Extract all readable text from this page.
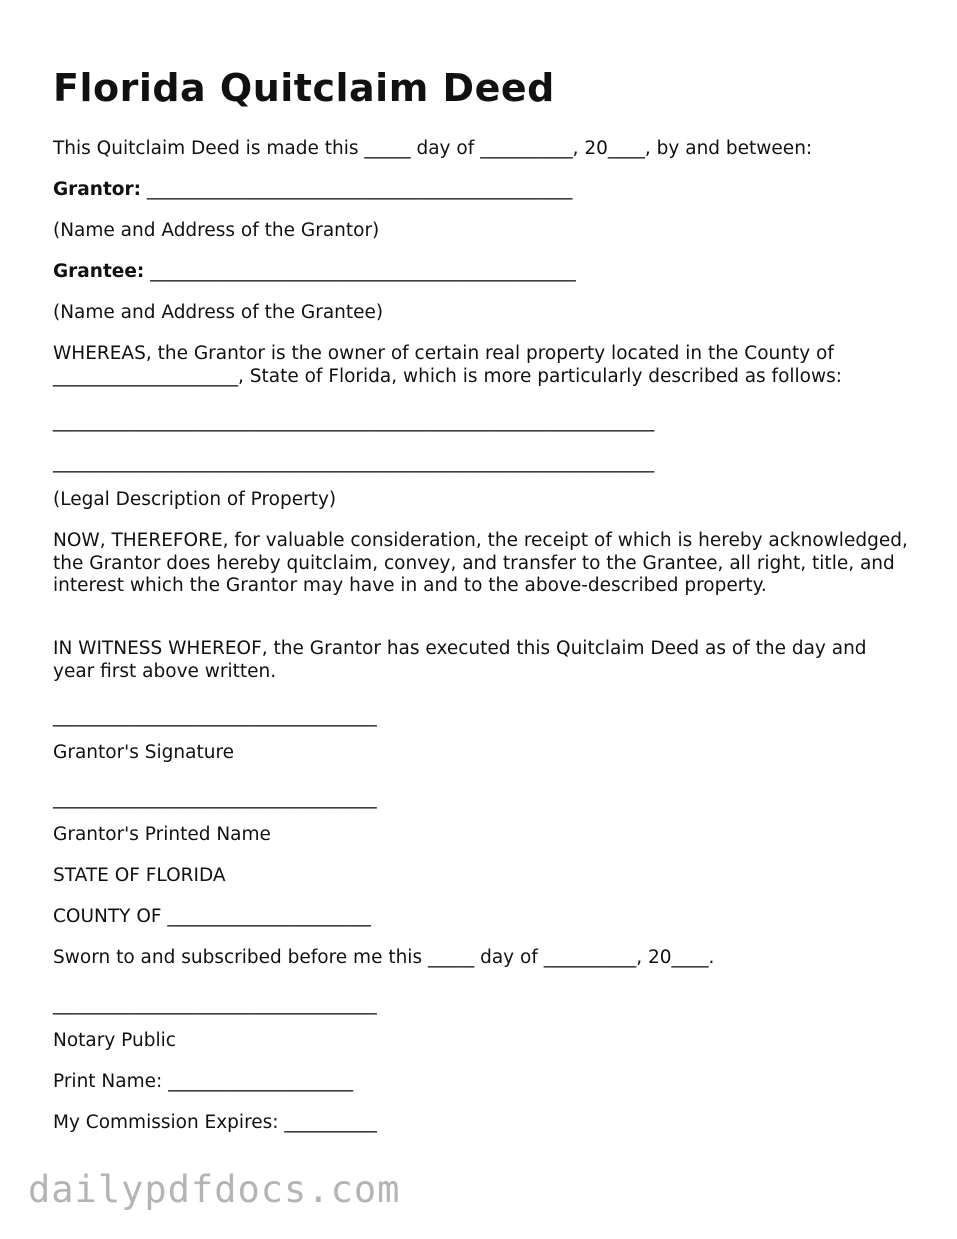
Florida Quitclaim Deed
This Quitclaim Deed is made this _____ day of __________, 20____, by and between:
Grantor: ______________________________________________
(Name and Address of the Grantor)
Grantee: ______________________________________________
(Name and Address of the Grantee)
WHEREAS, the Grantor is the owner of certain real property located in the County of ____________________, State of Florida, which is more particularly described as follows:
_________________________________________________________________
_________________________________________________________________
(Legal Description of Property)
NOW, THEREFORE, for valuable consideration, the receipt of which is hereby acknowledged, the Grantor does hereby quitclaim, convey, and transfer to the Grantee, all right, title, and interest which the Grantor may have in and to the above-described property.
IN WITNESS WHEREOF, the Grantor has executed this Quitclaim Deed as of the day and year first above written.
___________________________________
Grantor's Signature
___________________________________
Grantor's Printed Name
STATE OF FLORIDA
COUNTY OF ______________________
Sworn to and subscribed before me this _____ day of __________, 20____.
___________________________________
Notary Public
Print Name: ____________________
My Commission Expires: __________
dailypdfdocs.com
